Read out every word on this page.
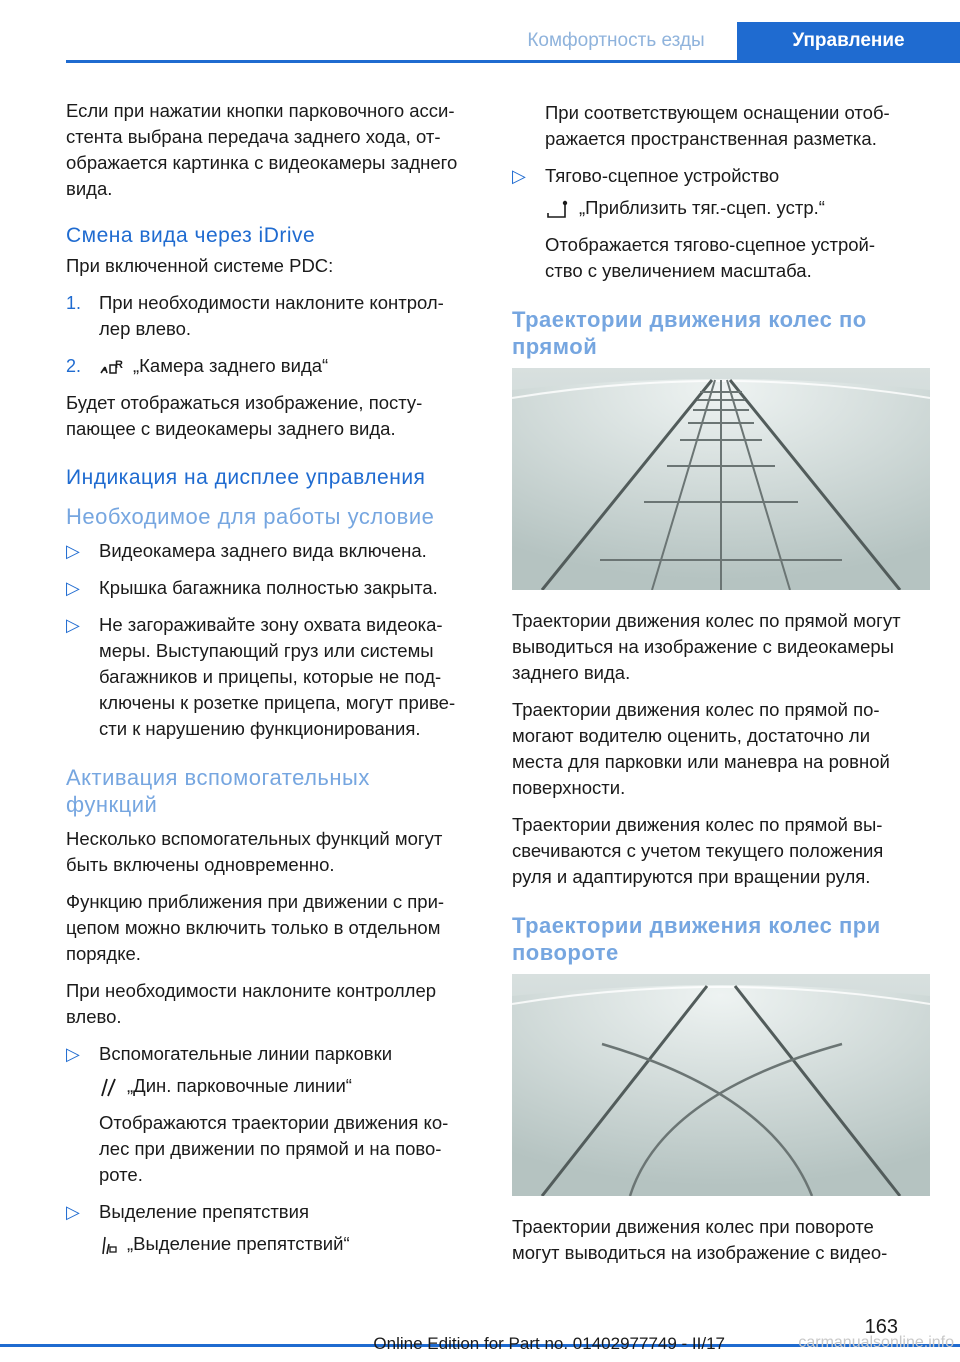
Комфортность езды	Управление

Если при нажатии кнопки парковочного асси-
стента выбрана передача заднего хода, от-
ображается картинка с видеокамеры заднего
вида.

Смена вида через iDrive

При включенной системе PDC:

1. При необходимости наклоните контрол-
лер влево.

2.	R „Камера заднего вида“

Будет отображаться изображение, посту-
пающее с видеокамеры заднего вида.

Индикация на дисплее управления
Необходимое для работы условие
▷ Видеокамера заднего вида включена.

▷ Крышка багажника полностью закрыта.

▷ Не загораживайте зону охвата видеока-
меры. Выступающий груз или системы
багажников и прицепы, которые не под-
ключены к розетке прицепа, могут приве-
сти к нарушению функционирования.

Активация вспомогательных
функций

Несколько вспомогательных функций могут
быть включены одновременно.

Функцию приближения при движении с при-
цепом можно включить только в отдельном
порядке.

При необходимости наклоните контроллер
влево.

▷ Вспомогательные линии парковки

„Дин. парковочные линии“

Отображаются траектории движения ко-
лес при движении по прямой и на пово-
роте.

▷ Выделение препятствия

„Выделение препятствий“

При соответствующем оснащении отоб-
ражается пространственная разметка.

▷ Тягово-сцепное устройство

„Приблизить тяг.-сцеп. устр.“

Отображается тягово-сцепное устрой-
ство с увеличением масштаба.

Траектории движения колес по
прямой

Траектории движения колес по прямой могут
выводиться на изображение с видеокамеры
заднего вида.

Траектории движения колес по прямой по-
могают водителю оценить, достаточно ли
места для парковки или маневра на ровной
поверхности.

Траектории движения колес по прямой вы-
свечиваются с учетом текущего положения
руля и адаптируются при вращении руля.

Траектории движения колес при
повороте

Траектории движения колес при повороте
могут выводиться на изображение с видео-

163
Online Edition for Part no. 01402977749 - II/17	carmanualsonline.info
